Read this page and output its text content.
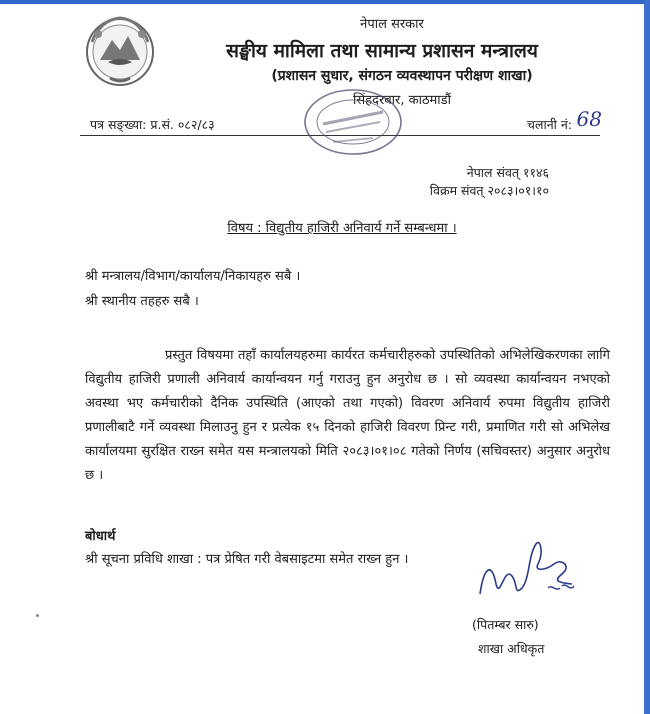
नेपाल सरकार
सङ्घीय मामिला तथा सामान्य प्रशासन मन्त्रालय
(प्रशासन सुधार, संगठन व्यवस्थापन परीक्षण शाखा)
सिंहदरबार, काठमाडौं
पत्र सङ्ख्या: प्र.सं. ०८२/८३	चलानी नं: 68
नेपाल संवत् ११४६
विक्रम संवत् २०८३।०१।१०
विषय : विद्युतीय हाजिरी अनिवार्य गर्ने सम्बन्धमा ।
श्री मन्त्रालय/विभाग/कार्यालय/निकायहरु सबै ।
श्री स्थानीय तहहरु सबै ।
प्रस्तुत विषयमा तहाँ कार्यालयहरुमा कार्यरत कर्मचारीहरुको उपस्थितिको अभिलेखिकरणका लागि विद्युतीय हाजिरी प्रणाली अनिवार्य कार्यान्वयन गर्नु गराउनु हुन अनुरोध छ । सो व्यवस्था कार्यान्वयन नभएको अवस्था भए कर्मचारीको दैनिक उपस्थिति (आएको तथा गएको) विवरण अनिवार्य रुपमा विद्युतीय हाजिरी प्रणालीबाटै गर्ने व्यवस्था मिलाउनु हुन र प्रत्येक १५ दिनको हाजिरी विवरण प्रिन्ट गरी, प्रमाणित गरी सो अभिलेख कार्यालयमा सुरक्षित राख्न समेत यस मन्त्रालयको मिति २०८३।०१।०८ गतेको निर्णय (सचिवस्तर) अनुसार अनुरोध छ ।
बोधार्थ
श्री सूचना प्रविधि शाखा : पत्र प्रेषित गरी वेबसाइटमा समेत राख्न हुन ।
(पितम्बर सारु)
शाखा अधिकृत
